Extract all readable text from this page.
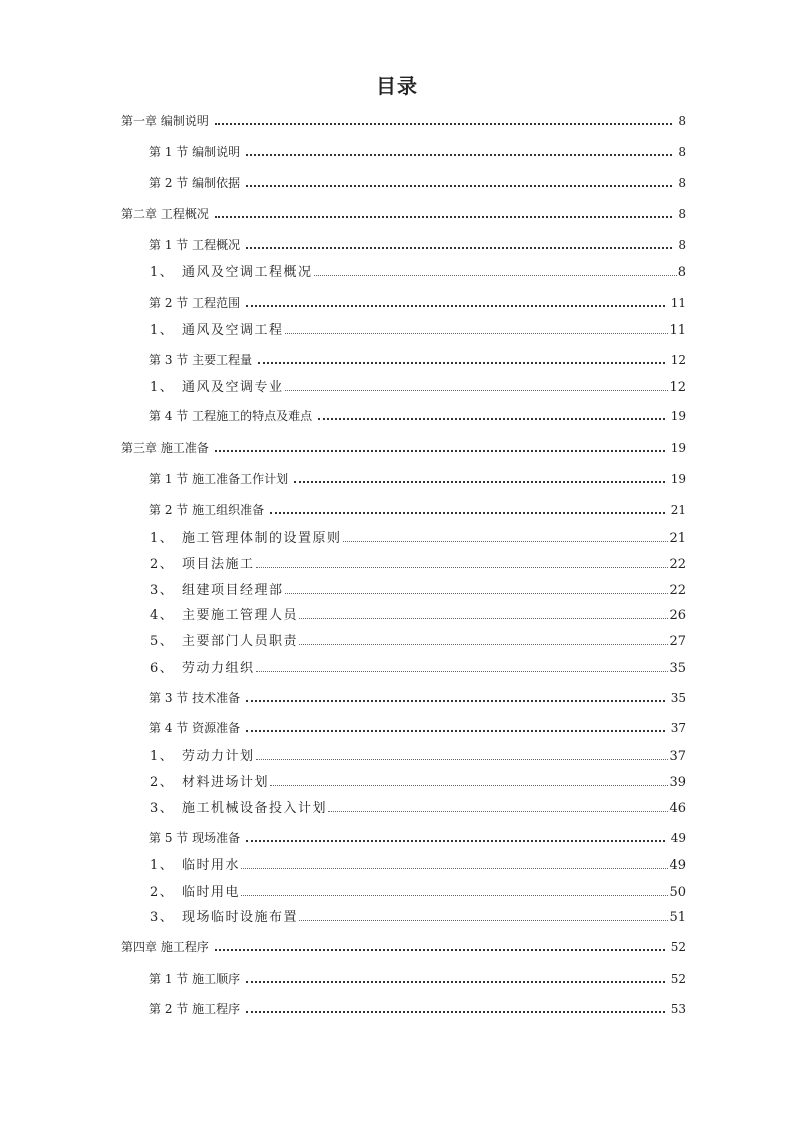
目录
第一章 编制说明	8
第 1 节 编制说明	8
第 2 节 编制依据	8
第二章 工程概况	8
第 1 节 工程概况	8
1、 通风及空调工程概况	8
第 2 节 工程范围	11
1、 通风及空调工程	11
第 3 节 主要工程量	12
1、 通风及空调专业	12
第 4 节 工程施工的特点及难点	19
第三章 施工准备	19
第 1 节 施工准备工作计划	19
第 2 节 施工组织准备	21
1、 施工管理体制的设置原则	21
2、 项目法施工	22
3、 组建项目经理部	22
4、 主要施工管理人员	26
5、 主要部门人员职责	27
6、 劳动力组织	35
第 3 节 技术准备	35
第 4 节 资源准备	37
1、 劳动力计划	37
2、 材料进场计划	39
3、 施工机械设备投入计划	46
第 5 节 现场准备	49
1、 临时用水	49
2、 临时用电	50
3、 现场临时设施布置	51
第四章 施工程序	52
第 1 节 施工顺序	52
第 2 节 施工程序	53
